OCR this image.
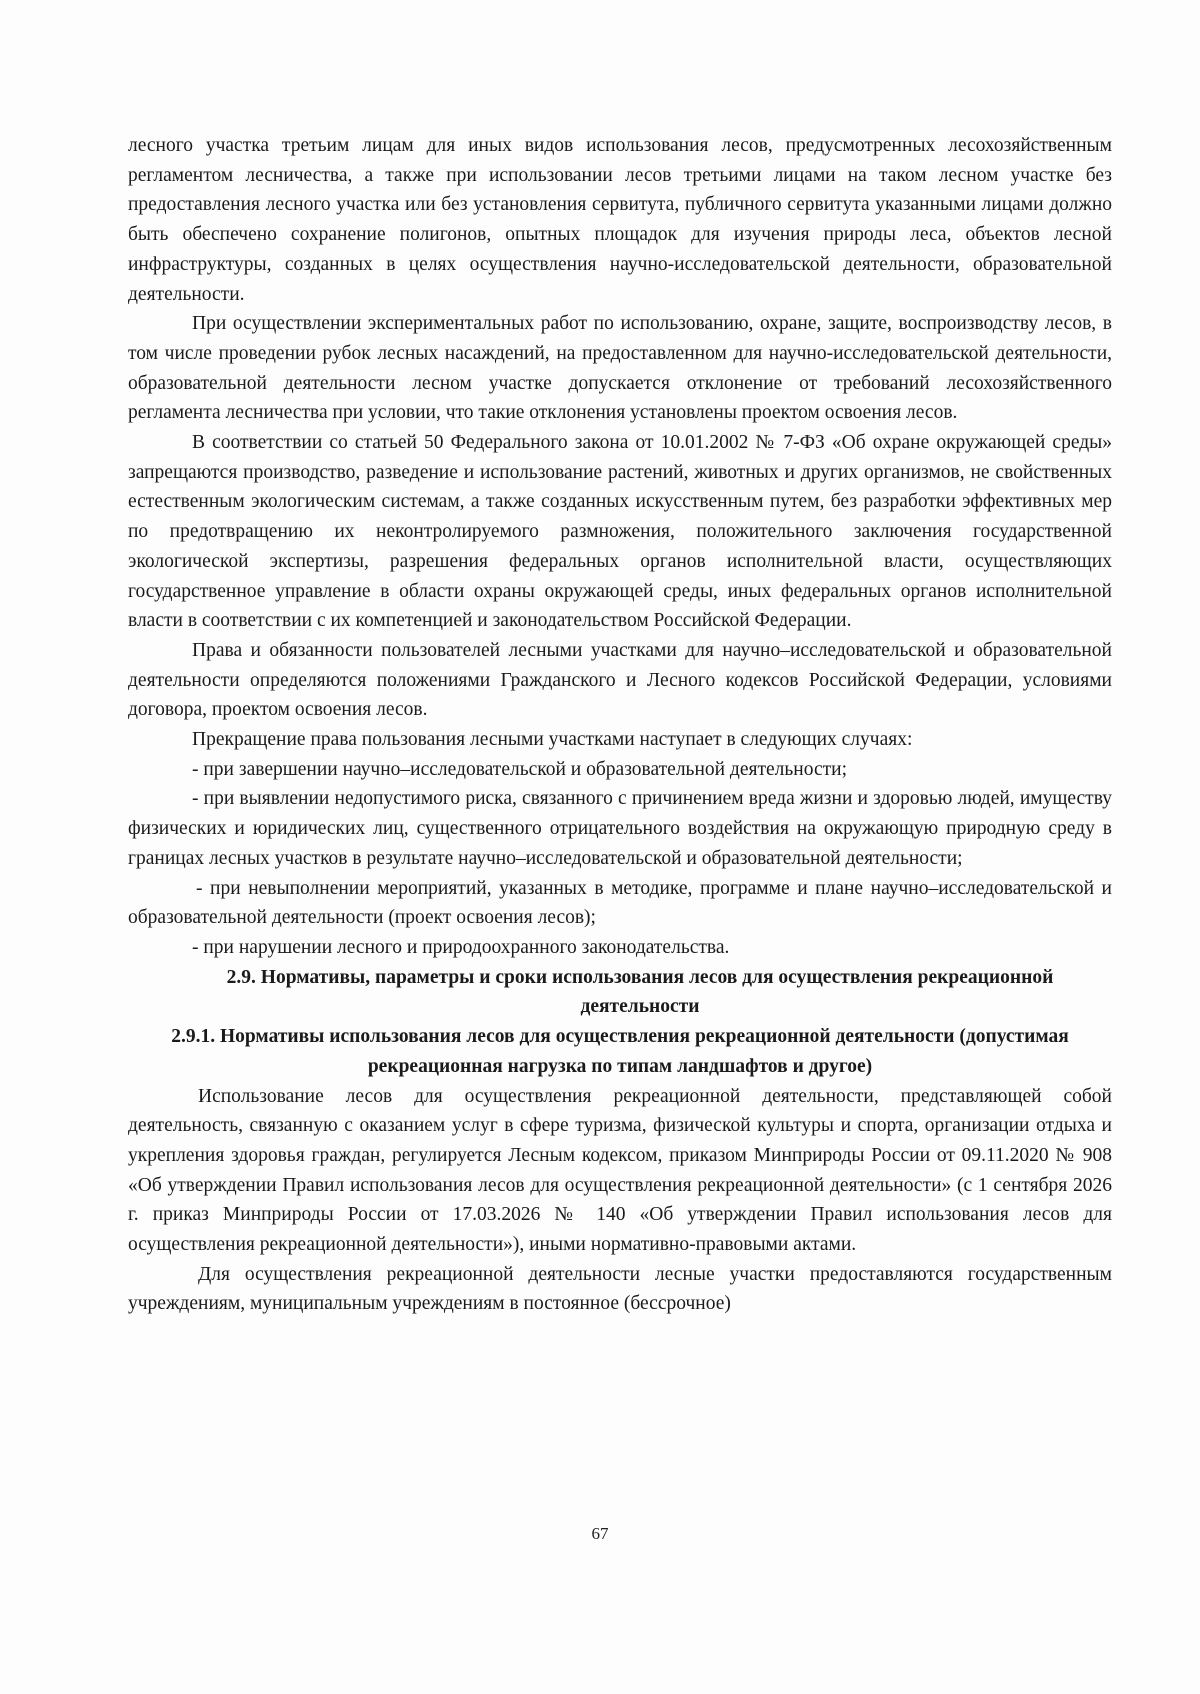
лесного участка третьим лицам для иных видов использования лесов, предусмотренных лесохозяйственным регламентом лесничества, а также при использовании лесов третьими лицами на таком лесном участке без предоставления лесного участка или без установления сервитута, публичного сервитута указанными лицами должно быть обеспечено сохранение полигонов, опытных площадок для изучения природы леса, объектов лесной инфраструктуры, созданных в целях осуществления научно-исследовательской деятельности, образовательной деятельности.

При осуществлении экспериментальных работ по использованию, охране, защите, воспроизводству лесов, в том числе проведении рубок лесных насаждений, на предоставленном для научно-исследовательской деятельности, образовательной деятельности лесном участке допускается отклонение от требований лесохозяйственного регламента лесничества при условии, что такие отклонения установлены проектом освоения лесов.

В соответствии со статьей 50 Федерального закона от 10.01.2002 № 7-ФЗ «Об охране окружающей среды» запрещаются производство, разведение и использование растений, животных и других организмов, не свойственных естественным экологическим системам, а также созданных искусственным путем, без разработки эффективных мер по предотвращению их неконтролируемого размножения, положительного заключения государственной экологической экспертизы, разрешения федеральных органов исполнительной власти, осуществляющих государственное управление в области охраны окружающей среды, иных федеральных органов исполнительной власти в соответствии с их компетенцией и законодательством Российской Федерации.

Права и обязанности пользователей лесными участками для научно–исследовательской и образовательной деятельности определяются положениями Гражданского и Лесного кодексов Российской Федерации, условиями договора, проектом освоения лесов.

Прекращение права пользования лесными участками наступает в следующих случаях:

- при завершении научно–исследовательской и образовательной деятельности;

- при выявлении недопустимого риска, связанного с причинением вреда жизни и здоровью людей, имуществу физических и юридических лиц, существенного отрицательного воздействия на окружающую природную среду в границах лесных участков в результате научно–исследовательской и образовательной деятельности;

- при невыполнении мероприятий, указанных в методике, программе и плане научно–исследовательской и образовательной деятельности (проект освоения лесов);

- при нарушении лесного и природоохранного законодательства.

2.9. Нормативы, параметры и сроки использования лесов для осуществления рекреационной деятельности

2.9.1. Нормативы использования лесов для осуществления рекреационной деятельности (допустимая рекреационная нагрузка по типам ландшафтов и другое)

Использование лесов для осуществления рекреационной деятельности, представляющей собой деятельность, связанную с оказанием услуг в сфере туризма, физической культуры и спорта, организации отдыха и укрепления здоровья граждан, регулируется Лесным кодексом, приказом Минприроды России от 09.11.2020 № 908 «Об утверждении Правил использования лесов для осуществления рекреационной деятельности» (с 1 сентября 2026 г. приказ Минприроды России от 17.03.2026 № 140 «Об утверждении Правил использования лесов для осуществления рекреационной деятельности»), иными нормативно-правовыми актами.

Для осуществления рекреационной деятельности лесные участки предоставляются государственным учреждениям, муниципальным учреждениям в постоянное (бессрочное)

67
